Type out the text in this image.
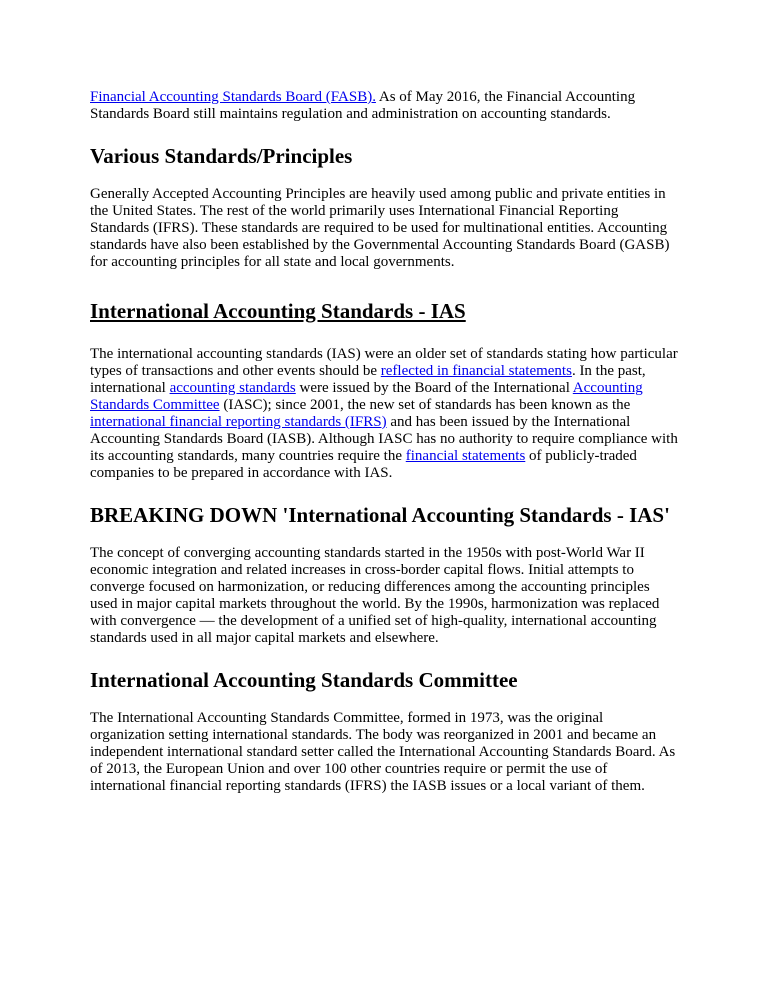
Financial Accounting Standards Board (FASB). As of May 2016, the Financial Accounting Standards Board still maintains regulation and administration on accounting standards.

Various Standards/Principles

Generally Accepted Accounting Principles are heavily used among public and private entities in the United States. The rest of the world primarily uses International Financial Reporting Standards (IFRS). These standards are required to be used for multinational entities. Accounting standards have also been established by the Governmental Accounting Standards Board (GASB) for accounting principles for all state and local governments.

International Accounting Standards - IAS

The international accounting standards (IAS) were an older set of standards stating how particular types of transactions and other events should be reflected in financial statements. In the past, international accounting standards were issued by the Board of the International Accounting Standards Committee (IASC); since 2001, the new set of standards has been known as the international financial reporting standards (IFRS) and has been issued by the International Accounting Standards Board (IASB). Although IASC has no authority to require compliance with its accounting standards, many countries require the financial statements of publicly-traded companies to be prepared in accordance with IAS.

BREAKING DOWN 'International Accounting Standards - IAS'

The concept of converging accounting standards started in the 1950s with post-World War II economic integration and related increases in cross-border capital flows. Initial attempts to converge focused on harmonization, or reducing differences among the accounting principles used in major capital markets throughout the world. By the 1990s, harmonization was replaced with convergence — the development of a unified set of high-quality, international accounting standards used in all major capital markets and elsewhere.

International Accounting Standards Committee

The International Accounting Standards Committee, formed in 1973, was the original organization setting international standards. The body was reorganized in 2001 and became an independent international standard setter called the International Accounting Standards Board. As of 2013, the European Union and over 100 other countries require or permit the use of international financial reporting standards (IFRS) the IASB issues or a local variant of them.
